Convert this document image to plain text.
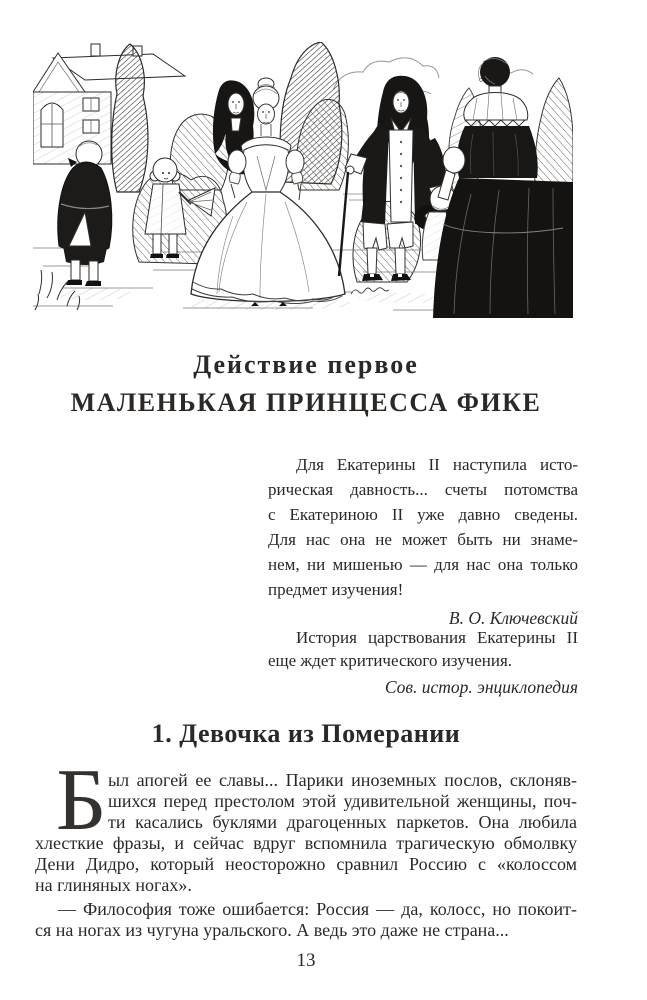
Действие первое
МАЛЕНЬКАЯ ПРИНЦЕССА ФИКЕ
Для Екатерины II наступила исто-
рическая давность... счеты потомства
с Екатериною II уже давно сведены.
Для нас она не может быть ни знаме-
нем, ни мишенью — для нас она только
предмет изучения!
В. О. Ключевский
История царствования Екатерины II
еще ждет критического изучения.
Сов. истор. энциклопедия
1. Девочка из Померании
Б ыл апогей ее славы... Парики иноземных послов, склоняв-
шихся перед престолом этой удивительной женщины, поч-
ти касались буклями драгоценных паркетов. Она любила
хлесткие фразы, и сейчас вдруг вспомнила трагическую обмолвку
Дени Дидро, который неосторожно сравнил Россию с «колоссом
на глиняных ногах».
— Философия тоже ошибается: Россия — да, колосс, но покоит-
ся на ногах из чугуна уральского. А ведь это даже не страна...
13
